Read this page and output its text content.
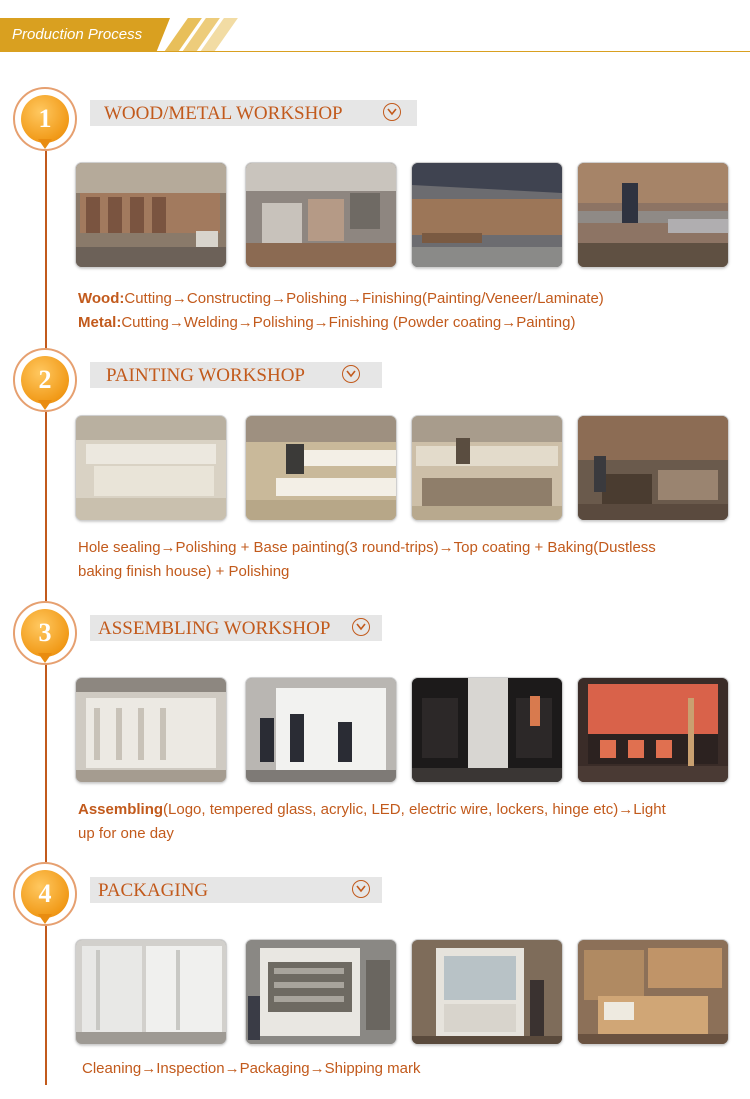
Production Process
1	WOOD/METAL WORKSHOP
Wood:Cutting→Constructing→Polishing→Finishing(Painting/Veneer/Laminate)
Metal:Cutting→Welding→Polishing→Finishing (Powder coating→Painting)
2	PAINTING WORKSHOP
Hole sealing→Polishing + Base painting(3 round-trips)→Top coating + Baking(Dustless
baking finish house) + Polishing
3	ASSEMBLING WORKSHOP
Assembling(Logo, tempered glass, acrylic, LED, electric wire, lockers, hinge etc)→Light
up for one day
4	PACKAGING
Cleaning→Inspection→Packaging→Shipping mark
